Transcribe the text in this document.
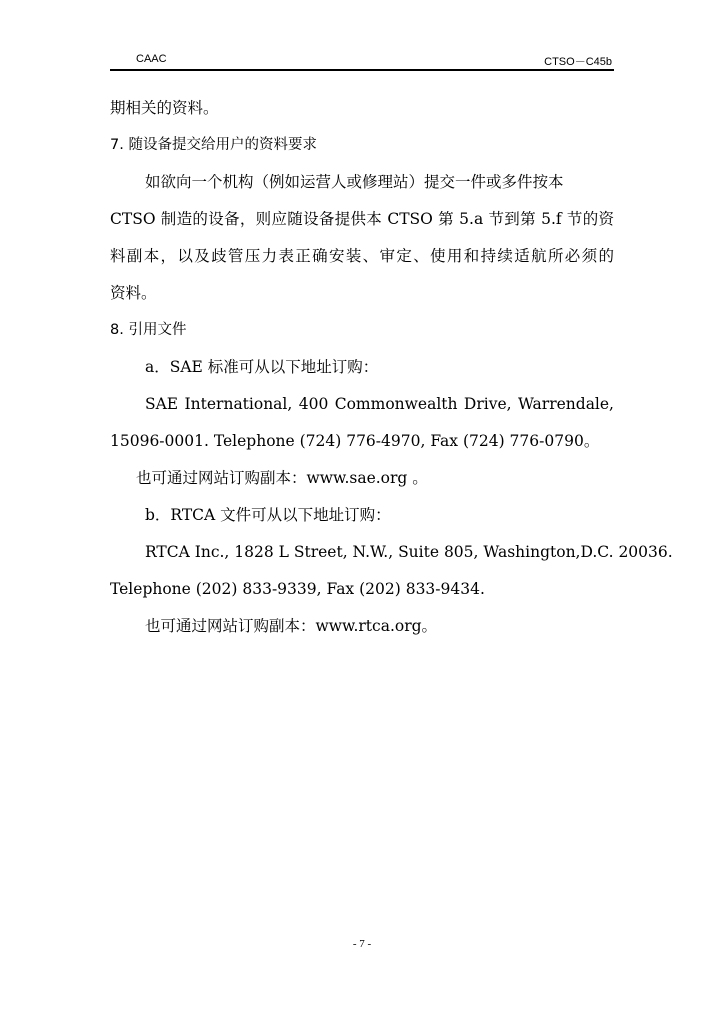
CAAC	CTSO－C45b
期相关的资料。
7. 随设备提交给用户的资料要求
如欲向一个机构（例如运营人或修理站）提交一件或多件按本
CTSO 制造的设备，则应随设备提供本 CTSO 第 5.a 节到第 5.f 节的资
料副本，以及歧管压力表正确安装、审定、使用和持续适航所必须的
资料。
8. 引用文件
a．SAE 标准可从以下地址订购：
SAE International, 400 Commonwealth Drive, Warrendale,
15096-0001. Telephone (724) 776-4970, Fax (724) 776-0790。
也可通过网站订购副本：www.sae.org 。
b．RTCA 文件可从以下地址订购：
RTCA Inc., 1828 L Street, N.W., Suite 805, Washington,D.C. 20036.
Telephone (202) 833-9339, Fax (202) 833-9434.
也可通过网站订购副本：www.rtca.org。
- 7 -
